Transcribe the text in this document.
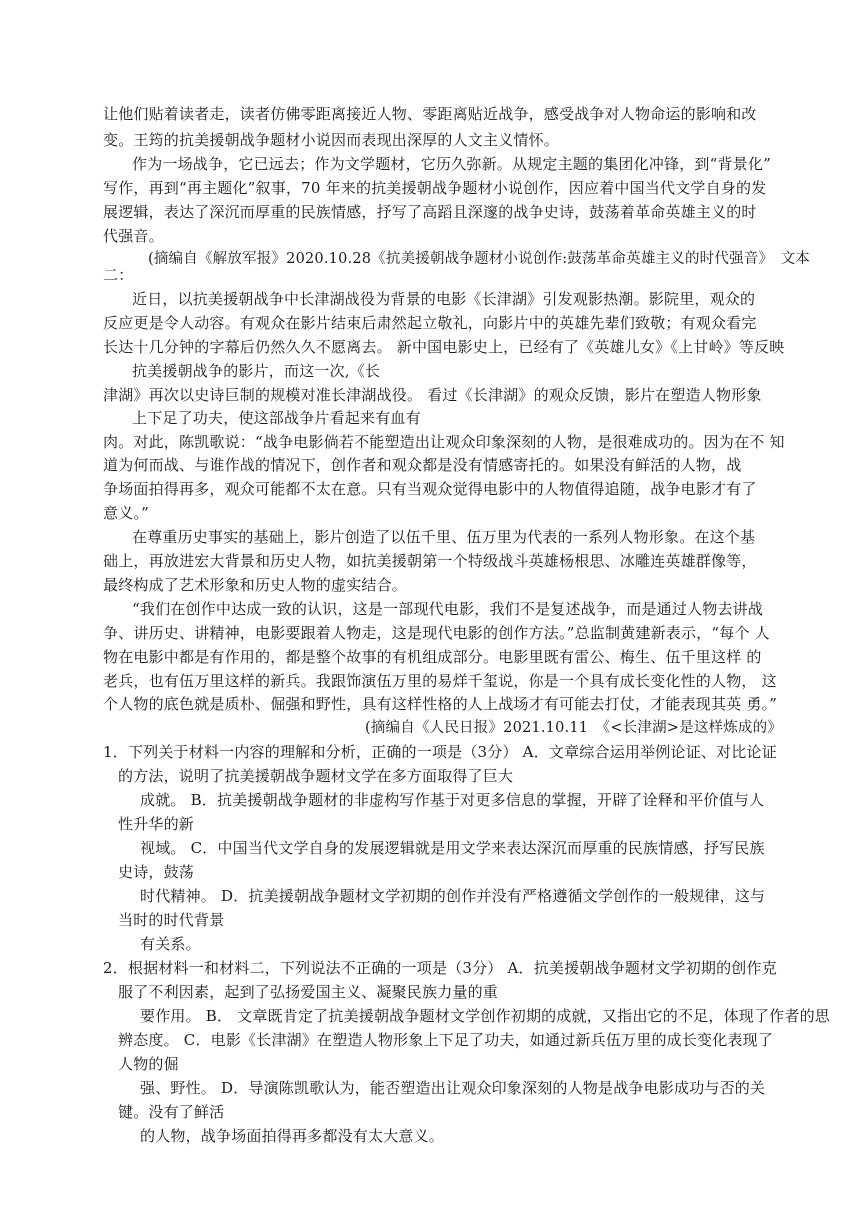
让他们贴着读者走，读者仿佛零距离接近人物、零距离贴近战争，感受战争对人物命运的影响和改
变。王筠的抗美援朝战争题材小说因而表现出深厚的人文主义情怀。
作为一场战争，它已远去；作为文学题材，它历久弥新。从规定主题的集团化冲锋，到“背景化”
写作，再到“再主题化”叙事，70 年来的抗美援朝战争题材小说创作，因应着中国当代文学自身的发
展逻辑，表达了深沉而厚重的民族情感，抒写了高蹈且深邃的战争史诗，鼓荡着革命英雄主义的时
代强音。
(摘编自《解放军报》2020.10.28《抗美援朝战争题材小说创作:鼓荡革命英雄主义的时代强音》　文本
二：
近日，以抗美援朝战争中长津湖战役为背景的电影《长津湖》引发观影热潮。影院里，观众的
反应更是令人动容。有观众在影片结束后肃然起立敬礼，向影片中的英雄先辈们致敬；有观众看完
长达十几分钟的字幕后仍然久久不愿离去。 新中国电影史上，已经有了《英雄儿女》《上甘岭》等反映
抗美援朝战争的影片，而这一次,《长
津湖》再次以史诗巨制的规模对准长津湖战役。 看过《长津湖》的观众反馈，影片在塑造人物形象
上下足了功夫，使这部战争片看起来有血有
肉。对此，陈凯歌说：“战争电影倘若不能塑造出让观众印象深刻的人物，是很难成功的。因为在不 知
道为何而战、与谁作战的情况下，创作者和观众都是没有情感寄托的。如果没有鲜活的人物，战
争场面拍得再多，观众可能都不太在意。只有当观众觉得电影中的人物值得追随，战争电影才有了
意义。”
在尊重历史事实的基础上，影片创造了以伍千里、伍万里为代表的一系列人物形象。在这个基
础上，再放进宏大背景和历史人物，如抗美援朝第一个特级战斗英雄杨根思、冰雕连英雄群像等，
最终构成了艺术形象和历史人物的虚实结合。
“我们在创作中达成一致的认识，这是一部现代电影，我们不是复述战争，而是通过人物去讲战
争、讲历史、讲精神，电影要跟着人物走，这是现代电影的创作方法。”总监制黄建新表示，“每个 人
物在电影中都是有作用的，都是整个故事的有机组成部分。电影里既有雷公、梅生、伍千里这样 的
老兵，也有伍万里这样的新兵。我跟饰演伍万里的易烊千玺说，你是一个具有成长变化性的人物， 这
个人物的底色就是质朴、倔强和野性，具有这样性格的人上战场才有可能去打仗，才能表现其英 勇。”
(摘编自《人民日报》2021.10.11　《<长津湖>是这样炼成的》
1．下列关于材料一内容的理解和分析，正确的一项是（3分） A．文章综合运用举例论证、对比论证
的方法，说明了抗美援朝战争题材文学在多方面取得了巨大
成就。 B．抗美援朝战争题材的非虚构写作基于对更多信息的掌握，开辟了诠释和平价值与人
性升华的新
视域。 C．中国当代文学自身的发展逻辑就是用文学来表达深沉而厚重的民族情感，抒写民族
史诗，鼓荡
时代精神。 D．抗美援朝战争题材文学初期的创作并没有严格遵循文学创作的一般规律，这与
当时的时代背景
有关系。
2．根据材料一和材料二，下列说法不正确的一项是（3分） A．抗美援朝战争题材文学初期的创作克
服了不利因素，起到了弘扬爱国主义、凝聚民族力量的重
要作用。 B． 文章既肯定了抗美援朝战争题材文学创作初期的成就，又指出它的不足，体现了作者的思
辨态度。 C．电影《长津湖》在塑造人物形象上下足了功夫，如通过新兵伍万里的成长变化表现了
人物的倔
强、野性。 D．导演陈凯歌认为，能否塑造出让观众印象深刻的人物是战争电影成功与否的关
键。没有了鲜活
的人物，战争场面拍得再多都没有太大意义。
